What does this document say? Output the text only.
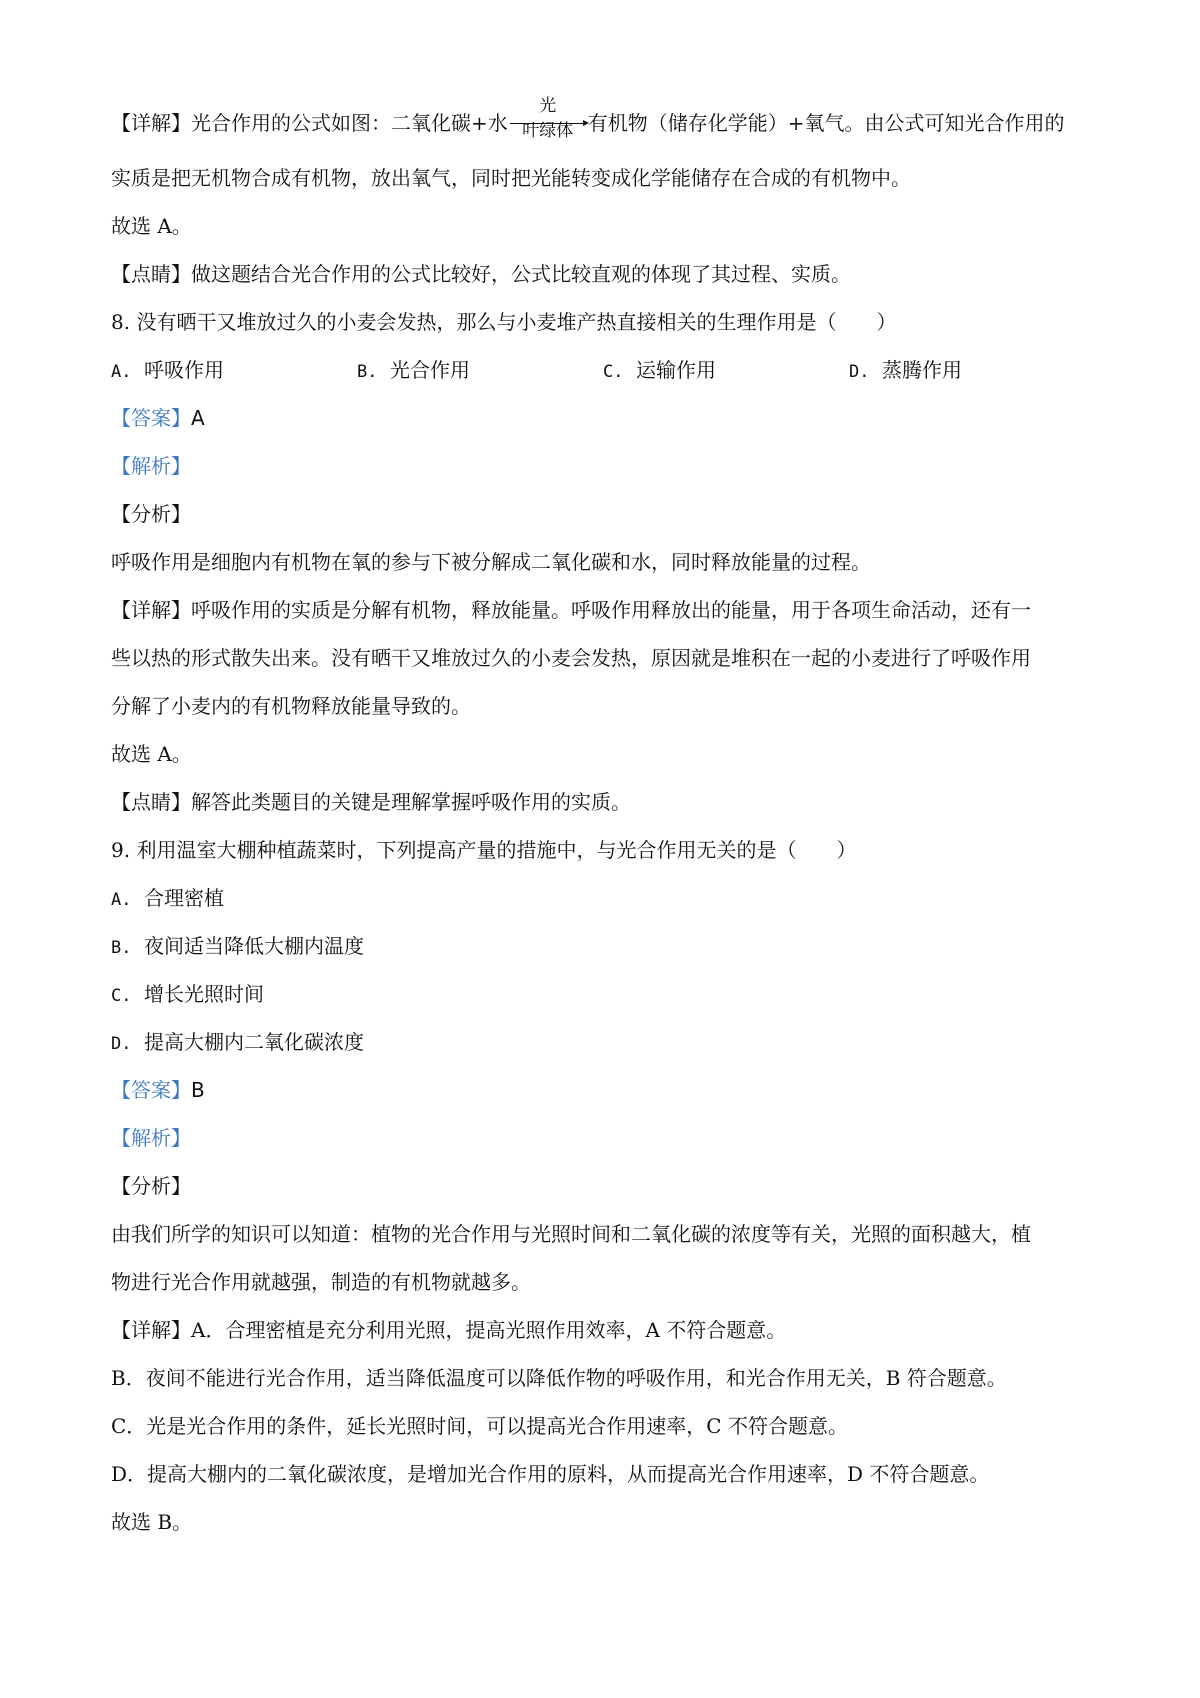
【详解】光合作用的公式如图：二氧化碳+水
光
叶绿体 有机物（储存化学能）+氧气。由公式可知光合作用的
实质是把无机物合成有机物，放出氧气，同时把光能转变成化学能储存在合成的有机物中。
故选 A。
【点睛】做这题结合光合作用的公式比较好，公式比较直观的体现了其过程、实质。
8. 没有晒干又堆放过久的小麦会发热，那么与小麦堆产热直接相关的生理作用是（　　）
A. 呼吸作用	B. 光合作用	C. 运输作用	D. 蒸腾作用
【答案】A
【解析】
【分析】
呼吸作用是细胞内有机物在氧的参与下被分解成二氧化碳和水，同时释放能量的过程。
【详解】呼吸作用的实质是分解有机物，释放能量。呼吸作用释放出的能量，用于各项生命活动，还有一
些以热的形式散失出来。没有晒干又堆放过久的小麦会发热，原因就是堆积在一起的小麦进行了呼吸作用
分解了小麦内的有机物释放能量导致的。
故选 A。
【点睛】解答此类题目的关键是理解掌握呼吸作用的实质。
9. 利用温室大棚种植蔬菜时，下列提高产量的措施中，与光合作用无关的是（　　）
A. 合理密植
B. 夜间适当降低大棚内温度
C. 增长光照时间
D. 提高大棚内二氧化碳浓度
【答案】B
【解析】
【分析】
由我们所学的知识可以知道：植物的光合作用与光照时间和二氧化碳的浓度等有关，光照的面积越大，植
物进行光合作用就越强，制造的有机物就越多。
【详解】A．合理密植是充分利用光照，提高光照作用效率，A 不符合题意。
B．夜间不能进行光合作用，适当降低温度可以降低作物的呼吸作用，和光合作用无关，B 符合题意。
C．光是光合作用的条件，延长光照时间，可以提高光合作用速率，C 不符合题意。
D．提高大棚内的二氧化碳浓度，是增加光合作用的原料，从而提高光合作用速率，D 不符合题意。
故选 B。
